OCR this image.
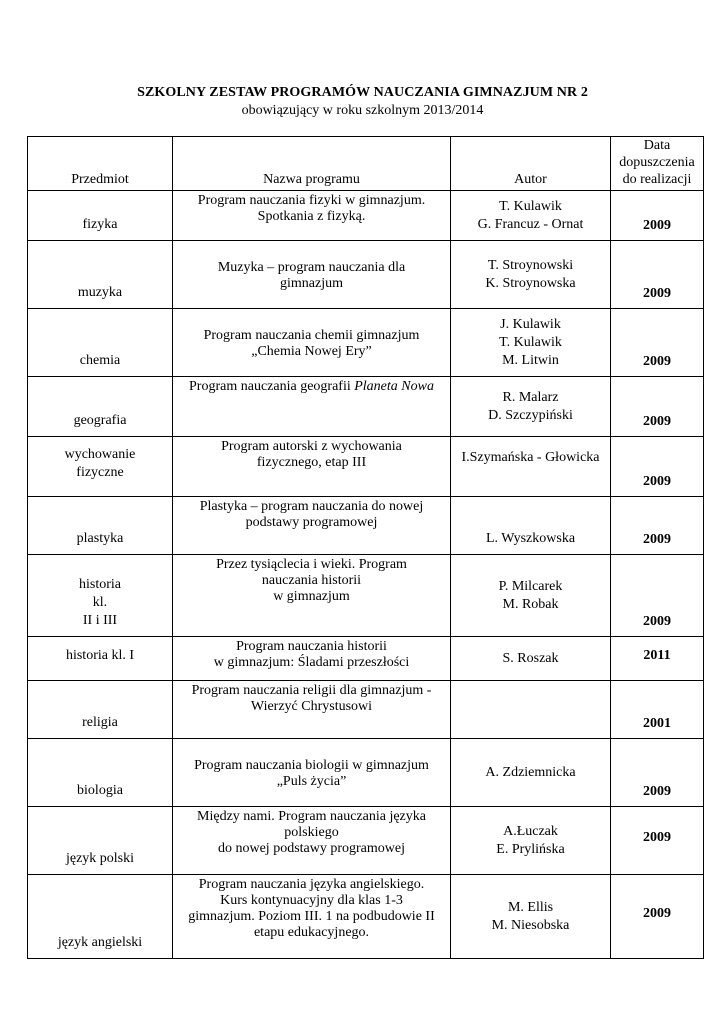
SZKOLNY ZESTAW PROGRAMÓW NAUCZANIA GIMNAZJUM NR 2
obowiązujący w roku szkolnym 2013/2014
Przedmiot	Nazwa programu	Autor	Data dopuszczenia
do realizacji

fizyka	Program nauczania fizyki w gimnazjum.
Spotkania z fizyką.	T. Kulawik
G. Francuz - Ornat	2009

muzyka	Muzyka – program nauczania dla
gimnazjum	T. Stroynowski
K. Stroynowska	2009

chemia	Program nauczania chemii gimnazjum
„Chemia Nowej Ery”	J. Kulawik
T. Kulawik
M. Litwin	2009

geografia	Program nauczania geografii Planeta Nowa	R. Malarz
D. Szczypiński	2009

wychowanie
fizyczne	Program autorski z wychowania
fizycznego, etap III	I.Szymańska - Głowicka	2009

plastyka	Plastyka – program nauczania do nowej
podstawy programowej	L. Wyszkowska	2009

historia
kl.
II i III	Przez tysiąclecia i wieki. Program
nauczania historii
w gimnazjum	P. Milcarek
M. Robak	2009

historia kl. I	Program nauczania historii
w gimnazjum: Śladami przeszłości	S. Roszak	2011

religia	Program nauczania religii dla gimnazjum -
Wierzyć Chrystusowi		2001

biologia	Program nauczania biologii w gimnazjum
„Puls życia”	A. Zdziemnicka	2009

język polski	Między nami. Program nauczania języka
polskiego
do nowej podstawy programowej	A.Łuczak
E. Prylińska	2009

język angielski	Program nauczania języka angielskiego.
Kurs kontynuacyjny dla klas 1-3
gimnazjum. Poziom III. 1 na podbudowie II
etapu edukacyjnego.	M. Ellis
M. Niesobska	2009
